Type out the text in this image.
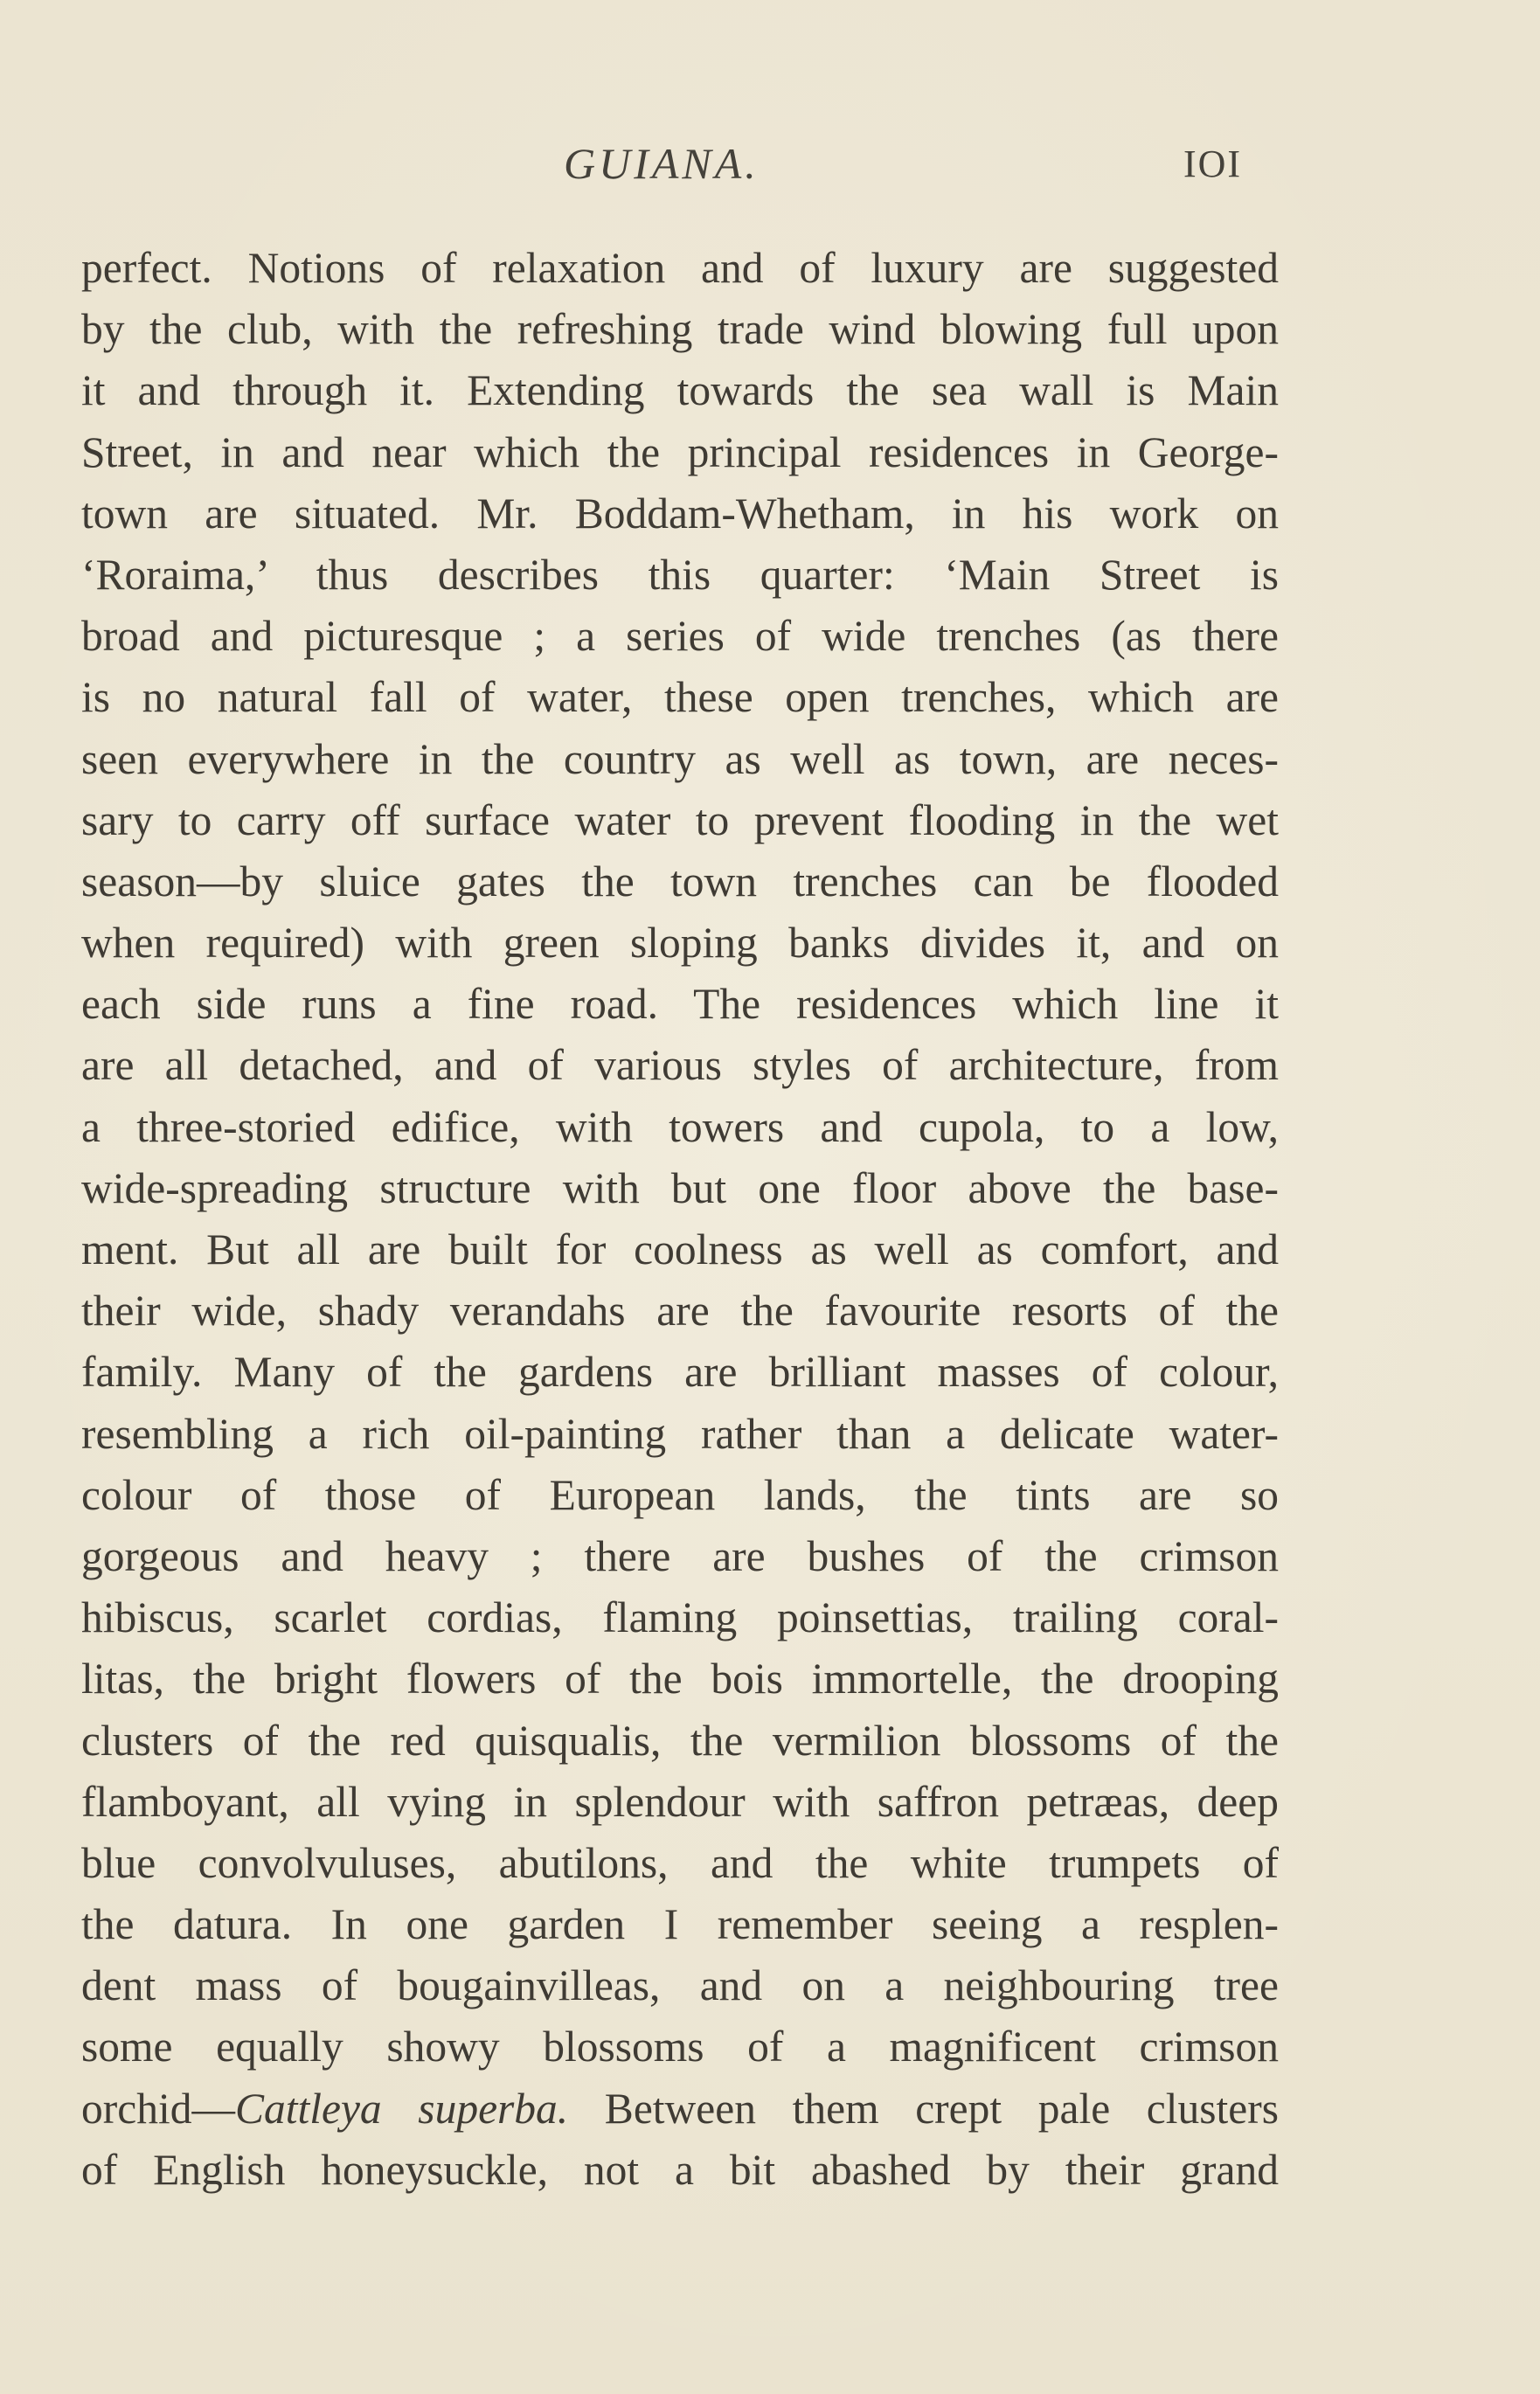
GUIANA.	IOI
perfect. Notions of relaxation and of luxury are suggested
by the club, with the refreshing trade wind blowing full upon
it and through it. Extending towards the sea wall is Main
Street, in and near which the principal residences in George-
town are situated. Mr. Boddam-Whetham, in his work on
‘Roraima,’ thus describes this quarter: ‘Main Street is
broad and picturesque ; a series of wide trenches (as there
is no natural fall of water, these open trenches, which are
seen everywhere in the country as well as town, are neces-
sary to carry off surface water to prevent flooding in the wet
season—by sluice gates the town trenches can be flooded
when required) with green sloping banks divides it, and on
each side runs a fine road. The residences which line it
are all detached, and of various styles of architecture, from
a three-storied edifice, with towers and cupola, to a low,
wide-spreading structure with but one floor above the base-
ment. But all are built for coolness as well as comfort, and
their wide, shady verandahs are the favourite resorts of the
family. Many of the gardens are brilliant masses of colour,
resembling a rich oil-painting rather than a delicate water-
colour of those of European lands, the tints are so
gorgeous and heavy ; there are bushes of the crimson
hibiscus, scarlet cordias, flaming poinsettias, trailing coral-
litas, the bright flowers of the bois immortelle, the drooping
clusters of the red quisqualis, the vermilion blossoms of the
flamboyant, all vying in splendour with saffron petræas, deep
blue convolvuluses, abutilons, and the white trumpets of
the datura. In one garden I remember seeing a resplen-
dent mass of bougainvilleas, and on a neighbouring tree
some equally showy blossoms of a magnificent crimson
orchid—Cattleya superba. Between them crept pale clusters
of English honeysuckle, not a bit abashed by their grand
